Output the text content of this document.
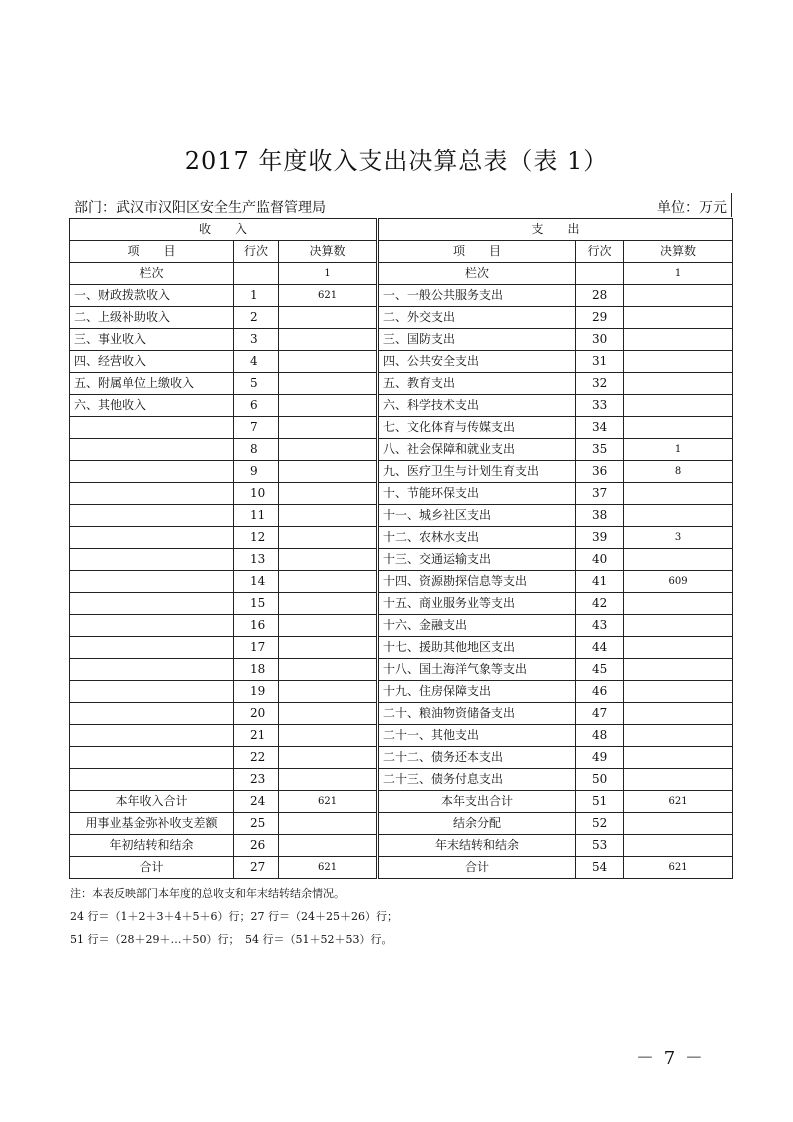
2017 年度收入支出决算总表（表 1）
部门：武汉市汉阳区安全生产监督管理局	单位：万元
收　　入			支　　出		
项　　目	行次	决算数	项　　目	行次	决算数
栏次		1	栏次		1
一、财政拨款收入	1	621	一、一般公共服务支出	28	
二、上级补助收入	2		二、外交支出	29	
三、事业收入	3		三、国防支出	30	
四、经营收入	4		四、公共安全支出	31	
五、附属单位上缴收入	5		五、教育支出	32	
六、其他收入	6		六、科学技术支出	33	
	7		七、文化体育与传媒支出	34	
	8		八、社会保障和就业支出	35	1
	9		九、医疗卫生与计划生育支出	36	8
	10		十、节能环保支出	37	
	11		十一、城乡社区支出	38	
	12		十二、农林水支出	39	3
	13		十三、交通运输支出	40	
	14		十四、资源勘探信息等支出	41	609
	15		十五、商业服务业等支出	42	
	16		十六、金融支出	43	
	17		十七、援助其他地区支出	44	
	18		十八、国土海洋气象等支出	45	
	19		十九、住房保障支出	46	
	20		二十、粮油物资储备支出	47	
	21		二十一、其他支出	48	
	22		二十二、债务还本支出	49	
	23		二十三、债务付息支出	50	
本年收入合计	24	621	本年支出合计	51	621
用事业基金弥补收支差额	25		结余分配	52	
年初结转和结余	26		年末结转和结余	53	
合计	27	621	合计	54	621
注：本表反映部门本年度的总收支和年末结转结余情况。
24 行＝（1＋2＋3＋4＋5＋6）行；27 行＝（24＋25＋26）行；
51 行＝（28＋29＋…＋50）行；　54 行＝（51＋52＋53）行。
－ 7 －
